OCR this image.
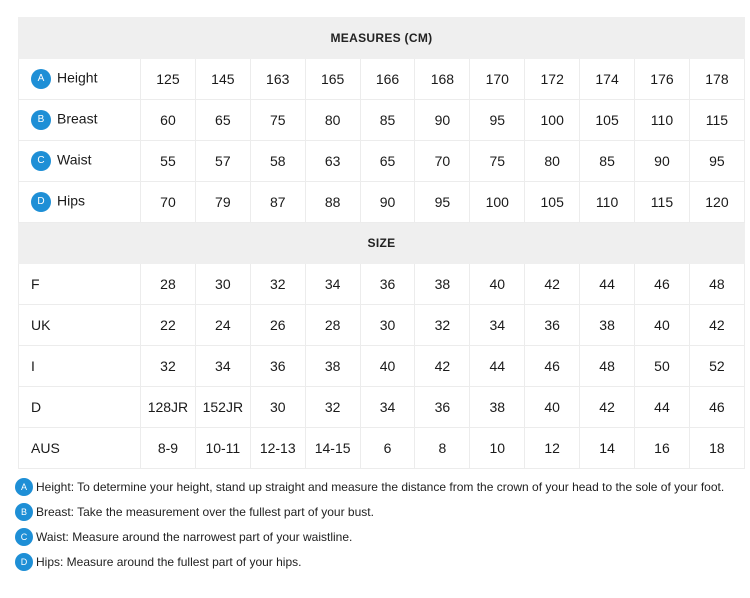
MEASURES (CM)											
A Height	125	145	163	165	166	168	170	172	174	176	178
B Breast	60	65	75	80	85	90	95	100	105	110	115
C Waist	55	57	58	63	65	70	75	80	85	90	95
D Hips	70	79	87	88	90	95	100	105	110	115	120
SIZE											
F	28	30	32	34	36	38	40	42	44	46	48
UK	22	24	26	28	30	32	34	36	38	40	42
I	32	34	36	38	40	42	44	46	48	50	52
D	128JR	152JR	30	32	34	36	38	40	42	44	46
AUS	8-9	10-11	12-13	14-15	6	8	10	12	14	16	18
A Height: To determine your height, stand up straight and measure the distance from the crown of your head to the sole of your foot.
B Breast: Take the measurement over the fullest part of your bust.
C Waist: Measure around the narrowest part of your waistline.
D Hips: Measure around the fullest part of your hips.
